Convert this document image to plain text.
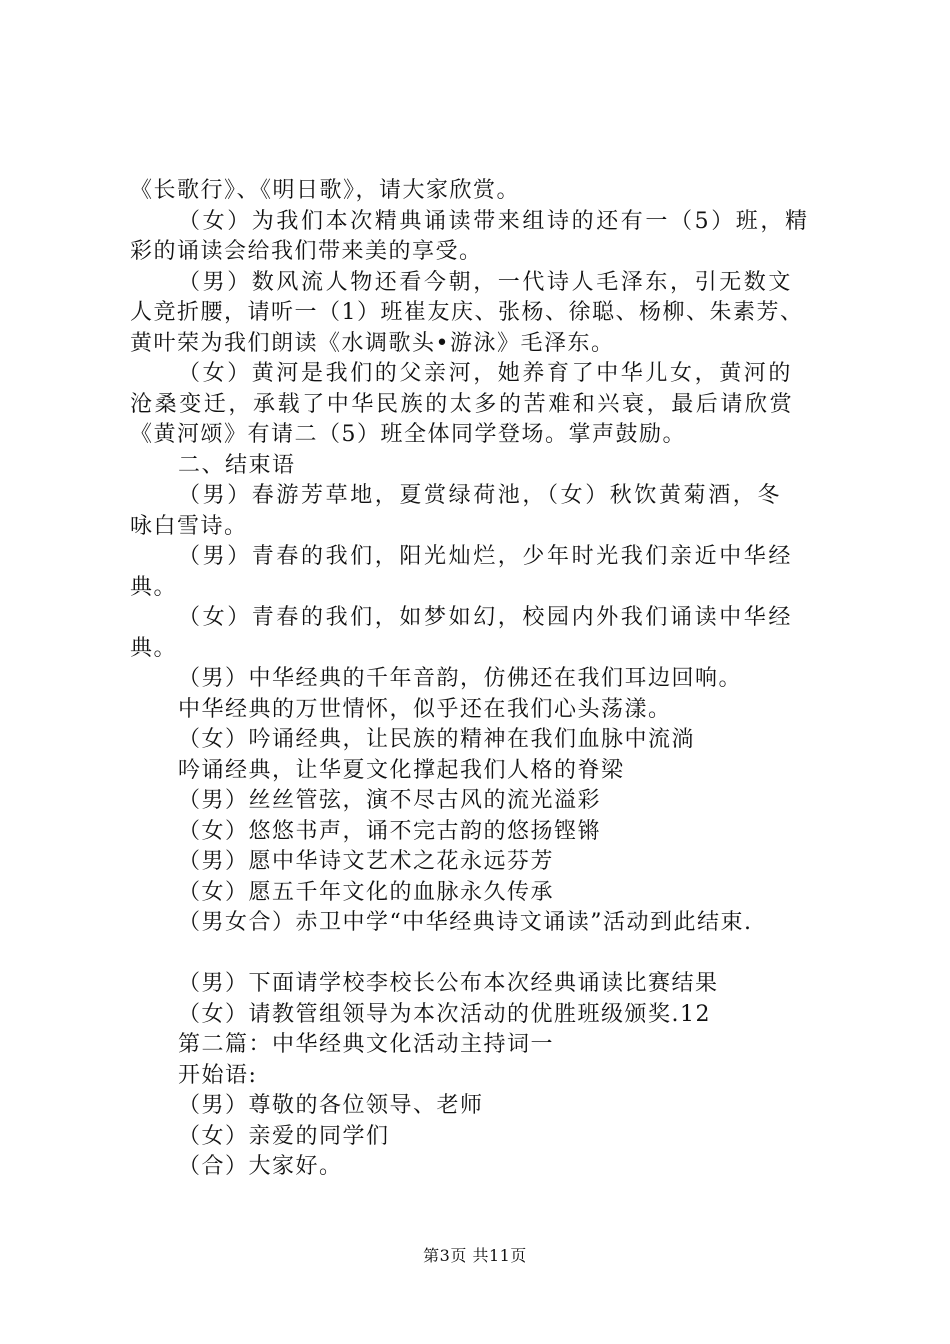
《长歌行》、《明日歌》，请大家欣赏。
（女）为我们本次精典诵读带来组诗的还有一（5）班，精
彩的诵读会给我们带来美的享受。
（男）数风流人物还看今朝，一代诗人毛泽东，引无数文
人竞折腰，请听一（1）班崔友庆、张杨、徐聪、杨柳、朱素芳、
黄叶荣为我们朗读《水调歌头•游泳》毛泽东。
（女）黄河是我们的父亲河，她养育了中华儿女，黄河的
沧桑变迁，承载了中华民族的太多的苦难和兴衰，最后请欣赏
《黄河颂》有请二（5）班全体同学登场。掌声鼓励。
二、结束语
（男）春游芳草地，夏赏绿荷池，（女）秋饮黄菊酒，冬
咏白雪诗。
（男）青春的我们，阳光灿烂，少年时光我们亲近中华经
典。
（女）青春的我们，如梦如幻，校园内外我们诵读中华经
典。
（男）中华经典的千年音韵，仿佛还在我们耳边回响。
中华经典的万世情怀，似乎还在我们心头荡漾。
（女）吟诵经典，让民族的精神在我们血脉中流淌
吟诵经典，让华夏文化撑起我们人格的脊梁
（男）丝丝管弦，演不尽古风的流光溢彩
（女）悠悠书声，诵不完古韵的悠扬铿锵
（男）愿中华诗文艺术之花永远芬芳
（女）愿五千年文化的血脉永久传承
（男女合）赤卫中学“中华经典诗文诵读”活动到此结束.
（男）下面请学校李校长公布本次经典诵读比赛结果
（女）请教管组领导为本次活动的优胜班级颁奖.12
第二篇：中华经典文化活动主持词一
开始语:
（男）尊敬的各位领导、老师
（女）亲爱的同学们
（合）大家好。
第3页 共11页
